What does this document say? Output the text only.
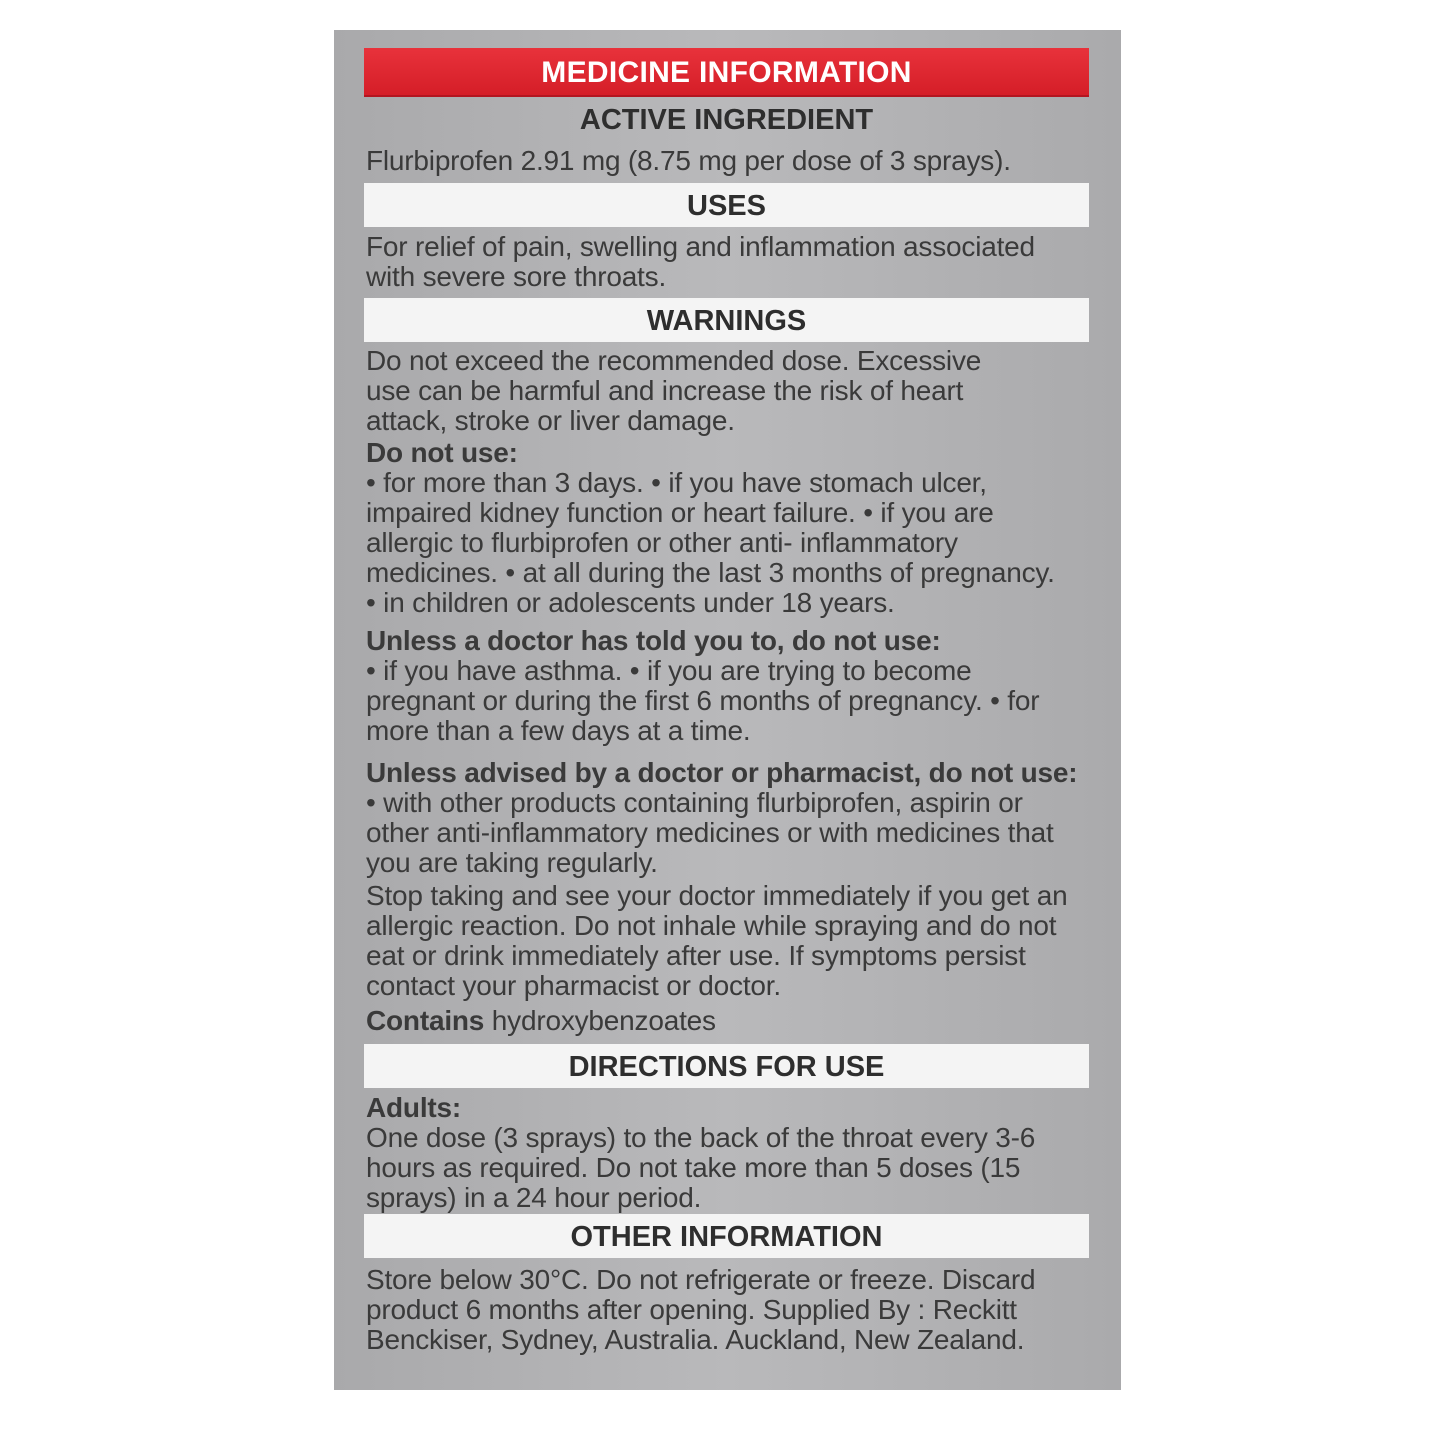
MEDICINE INFORMATION
ACTIVE INGREDIENT
Flurbiprofen 2.91 mg (8.75 mg per dose of 3 sprays).
USES
For relief of pain, swelling and inflammation associated with severe sore throats.
WARNINGS
Do not exceed the recommended dose. Excessive use can be harmful and increase the risk of heart attack, stroke or liver damage.
Do not use:
• for more than 3 days. • if you have stomach ulcer, impaired kidney function or heart failure. • if you are allergic to flurbiprofen or other anti- inflammatory medicines. • at all during the last 3 months of pregnancy. • in children or adolescents under 18 years.
Unless a doctor has told you to, do not use:
• if you have asthma. • if you are trying to become pregnant or during the first 6 months of pregnancy. • for more than a few days at a time.
Unless advised by a doctor or pharmacist, do not use:
• with other products containing flurbiprofen, aspirin or other anti-inflammatory medicines or with medicines that you are taking regularly.
Stop taking and see your doctor immediately if you get an allergic reaction. Do not inhale while spraying and do not eat or drink immediately after use. If symptoms persist contact your pharmacist or doctor.
Contains hydroxybenzoates
DIRECTIONS FOR USE
Adults:
One dose (3 sprays) to the back of the throat every 3-6 hours as required. Do not take more than 5 doses (15 sprays) in a 24 hour period.
OTHER INFORMATION
Store below 30°C. Do not refrigerate or freeze. Discard product 6 months after opening. Supplied By : Reckitt Benckiser, Sydney, Australia. Auckland, New Zealand.
